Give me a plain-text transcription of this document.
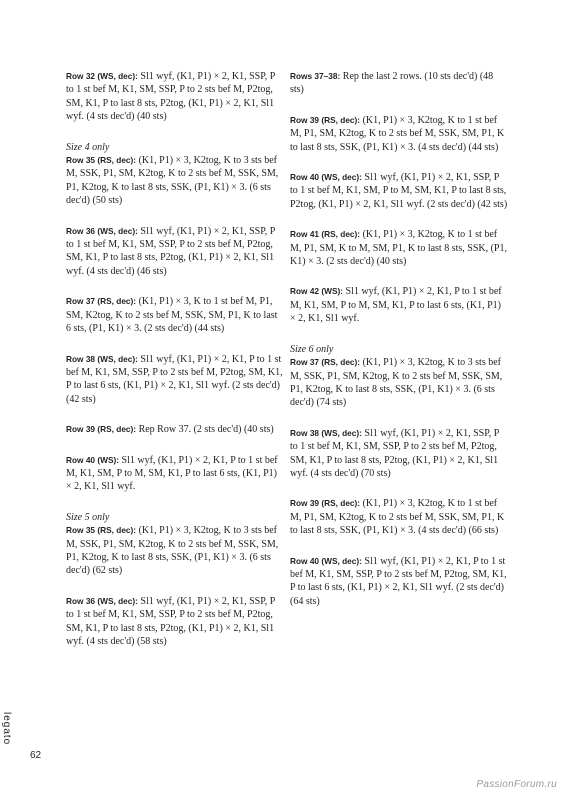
Row 32 (WS, dec): Sl1 wyf, (K1, P1) × 2, K1, SSP, P to 1 st bef M, K1, SM, SSP, P to 2 sts bef M, P2tog, SM, K1, P to last 8 sts, P2tog, (K1, P1) × 2, K1, Sl1 wyf. (4 sts dec'd) (40 sts)

Size 4 only

Row 35 (RS, dec): (K1, P1) × 3, K2tog, K to 3 sts bef M, SSK, P1, SM, K2tog, K to 2 sts bef M, SSK, SM, P1, K2tog, K to last 8 sts, SSK, (P1, K1) × 3. (6 sts dec'd) (50 sts)

Row 36 (WS, dec): Sl1 wyf, (K1, P1) × 2, K1, SSP, P to 1 st bef M, K1, SM, SSP, P to 2 sts bef M, P2tog, SM, K1, P to last 8 sts, P2tog, (K1, P1) × 2, K1, Sl1 wyf. (4 sts dec'd) (46 sts)

Row 37 (RS, dec): (K1, P1) × 3, K to 1 st bef M, P1, SM, K2tog, K to 2 sts bef M, SSK, SM, P1, K to last 6 sts, (P1, K1) × 3. (2 sts dec'd) (44 sts)

Row 38 (WS, dec): Sl1 wyf, (K1, P1) × 2, K1, P to 1 st bef M, K1, SM, SSP, P to 2 sts bef M, P2tog, SM, K1, P to last 6 sts, (K1, P1) × 2, K1, Sl1 wyf. (2 sts dec'd) (42 sts)

Row 39 (RS, dec): Rep Row 37. (2 sts dec'd) (40 sts)

Row 40 (WS): Sl1 wyf, (K1, P1) × 2, K1, P to 1 st bef M, K1, SM, P to M, SM, K1, P to last 6 sts, (K1, P1) × 2, K1, Sl1 wyf.

Size 5 only

Row 35 (RS, dec): (K1, P1) × 3, K2tog, K to 3 sts bef M, SSK, P1, SM, K2tog, K to 2 sts bef M, SSK, SM, P1, K2tog, K to last 8 sts, SSK, (P1, K1) × 3. (6 sts dec'd) (62 sts)

Row 36 (WS, dec): Sl1 wyf, (K1, P1) × 2, K1, SSP, P to 1 st bef M, K1, SM, SSP, P to 2 sts bef M, P2tog, SM, K1, P to last 8 sts, P2tog, (K1, P1) × 2, K1, Sl1 wyf. (4 sts dec'd) (58 sts)

Rows 37–38: Rep the last 2 rows. (10 sts dec'd) (48 sts)

Row 39 (RS, dec): (K1, P1) × 3, K2tog, K to 1 st bef M, P1, SM, K2tog, K to 2 sts bef M, SSK, SM, P1, K to last 8 sts, SSK, (P1, K1) × 3. (4 sts dec'd) (44 sts)

Row 40 (WS, dec): Sl1 wyf, (K1, P1) × 2, K1, SSP, P to 1 st bef M, K1, SM, P to M, SM, K1, P to last 8 sts, P2tog, (K1, P1) × 2, K1, Sl1 wyf. (2 sts dec'd) (42 sts)

Row 41 (RS, dec): (K1, P1) × 3, K2tog, K to 1 st bef M, P1, SM, K to M, SM, P1, K to last 8 sts, SSK, (P1, K1) × 3. (2 sts dec'd) (40 sts)

Row 42 (WS): Sl1 wyf, (K1, P1) × 2, K1, P to 1 st bef M, K1, SM, P to M, SM, K1, P to last 6 sts, (K1, P1) × 2, K1, Sl1 wyf.

Size 6 only

Row 37 (RS, dec): (K1, P1) × 3, K2tog, K to 3 sts bef M, SSK, P1, SM, K2tog, K to 2 sts bef M, SSK, SM, P1, K2tog, K to last 8 sts, SSK, (P1, K1) × 3. (6 sts dec'd) (74 sts)

Row 38 (WS, dec): Sl1 wyf, (K1, P1) × 2, K1, SSP, P to 1 st bef M, K1, SM, SSP, P to 2 sts bef M, P2tog, SM, K1, P to last 8 sts, P2tog, (K1, P1) × 2, K1, Sl1 wyf. (4 sts dec'd) (70 sts)

Row 39 (RS, dec): (K1, P1) × 3, K2tog, K to 1 st bef M, P1, SM, K2tog, K to 2 sts bef M, SSK, SM, P1, K to last 8 sts, SSK, (P1, K1) × 3. (4 sts dec'd) (66 sts)

Row 40 (WS, dec): Sl1 wyf, (K1, P1) × 2, K1, P to 1 st bef M, K1, SM, SSP, P to 2 sts bef M, P2tog, SM, K1, P to last 6 sts, (K1, P1) × 2, K1, Sl1 wyf. (2 sts dec'd) (64 sts)

legato
62
PassionForum.ru
